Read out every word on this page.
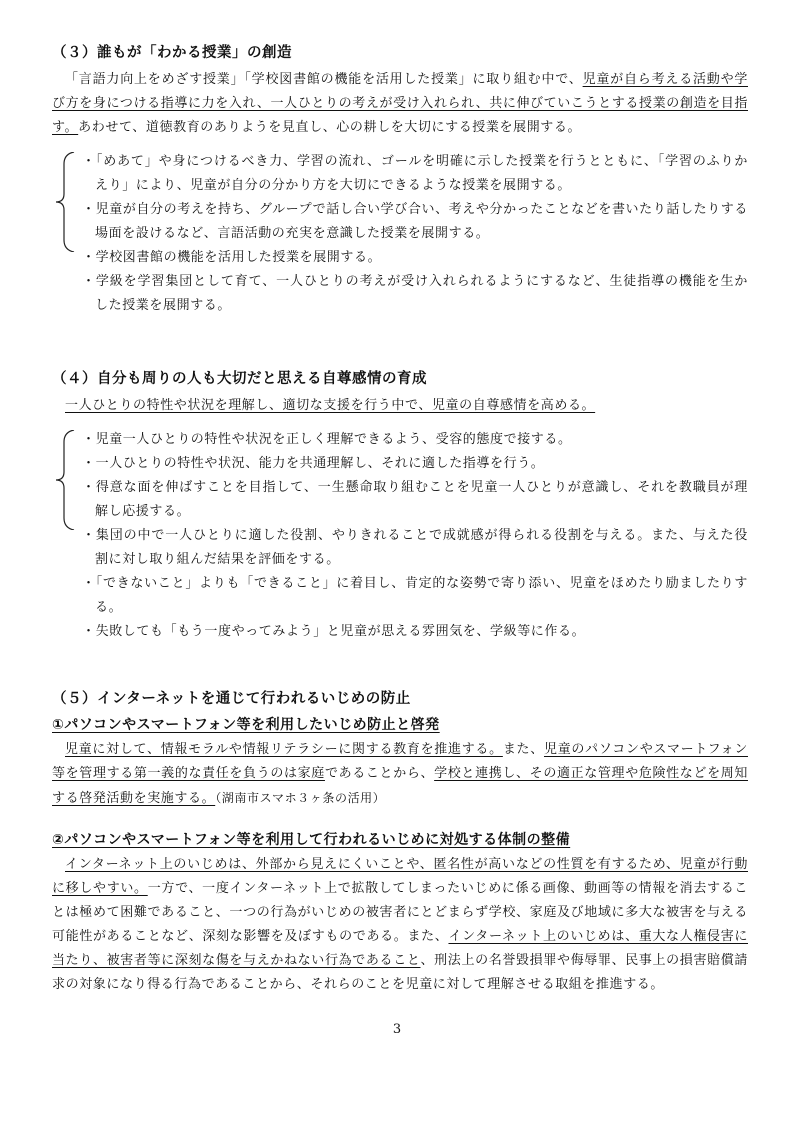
（３）誰もが「わかる授業」の創造

「言語力向上をめざす授業」「学校図書館の機能を活用した授業」に取り組む中で、児童が自ら考える活動や学び方を身につける指導に力を入れ、一人ひとりの考えが受け入れられ、共に伸びていこうとする授業の創造を目指す。あわせて、道徳教育のありようを見直し、心の耕しを大切にする授業を展開する。

・「めあて」や身につけるべき力、学習の流れ、ゴールを明確に示した授業を行うとともに、「学習のふりかえり」により、児童が自分の分かり方を大切にできるような授業を展開する。
・児童が自分の考えを持ち、グループで話し合い学び合い、考えや分かったことなどを書いたり話したりする場面を設けるなど、言語活動の充実を意識した授業を展開する。
・学校図書館の機能を活用した授業を展開する。
・学級を学習集団として育て、一人ひとりの考えが受け入れられるようにするなど、生徒指導の機能を生かした授業を展開する。
（４）自分も周りの人も大切だと思える自尊感情の育成

一人ひとりの特性や状況を理解し、適切な支援を行う中で、児童の自尊感情を高める。

・児童一人ひとりの特性や状況を正しく理解できるよう、受容的態度で接する。
・一人ひとりの特性や状況、能力を共通理解し、それに適した指導を行う。
・得意な面を伸ばすことを目指して、一生懸命取り組むことを児童一人ひとりが意識し、それを教職員が理解し応援する。
・集団の中で一人ひとりに適した役割、やりきれることで成就感が得られる役割を与える。また、与えた役割に対し取り組んだ結果を評価をする。
・「できないこと」よりも「できること」に着目し、肯定的な姿勢で寄り添い、児童をほめたり励ましたりする。
・失敗しても「もう一度やってみよう」と児童が思える雰囲気を、学級等に作る。
（５）インターネットを通じて行われるいじめの防止
①パソコンやスマートフォン等を利用したいじめ防止と啓発

児童に対して、情報モラルや情報リテラシーに関する教育を推進する。また、児童のパソコンやスマートフォン等を管理する第一義的な責任を負うのは家庭であることから、学校と連携し、その適正な管理や危険性などを周知する啓発活動を実施する。（湖南市スマホ３ヶ条の活用）

②パソコンやスマートフォン等を利用して行われるいじめに対処する体制の整備

インターネット上のいじめは、外部から見えにくいことや、匿名性が高いなどの性質を有するため、児童が行動に移しやすい。一方で、一度インターネット上で拡散してしまったいじめに係る画像、動画等の情報を消去することは極めて困難であること、一つの行為がいじめの被害者にとどまらず学校、家庭及び地域に多大な被害を与える可能性があることなど、深刻な影響を及ぼすものである。また、インターネット上のいじめは、重大な人権侵害に当たり、被害者等に深刻な傷を与えかねない行為であること、刑法上の名誉毀損罪や侮辱罪、民事上の損害賠償請求の対象になり得る行為であることから、それらのことを児童に対して理解させる取組を推進する。

3
